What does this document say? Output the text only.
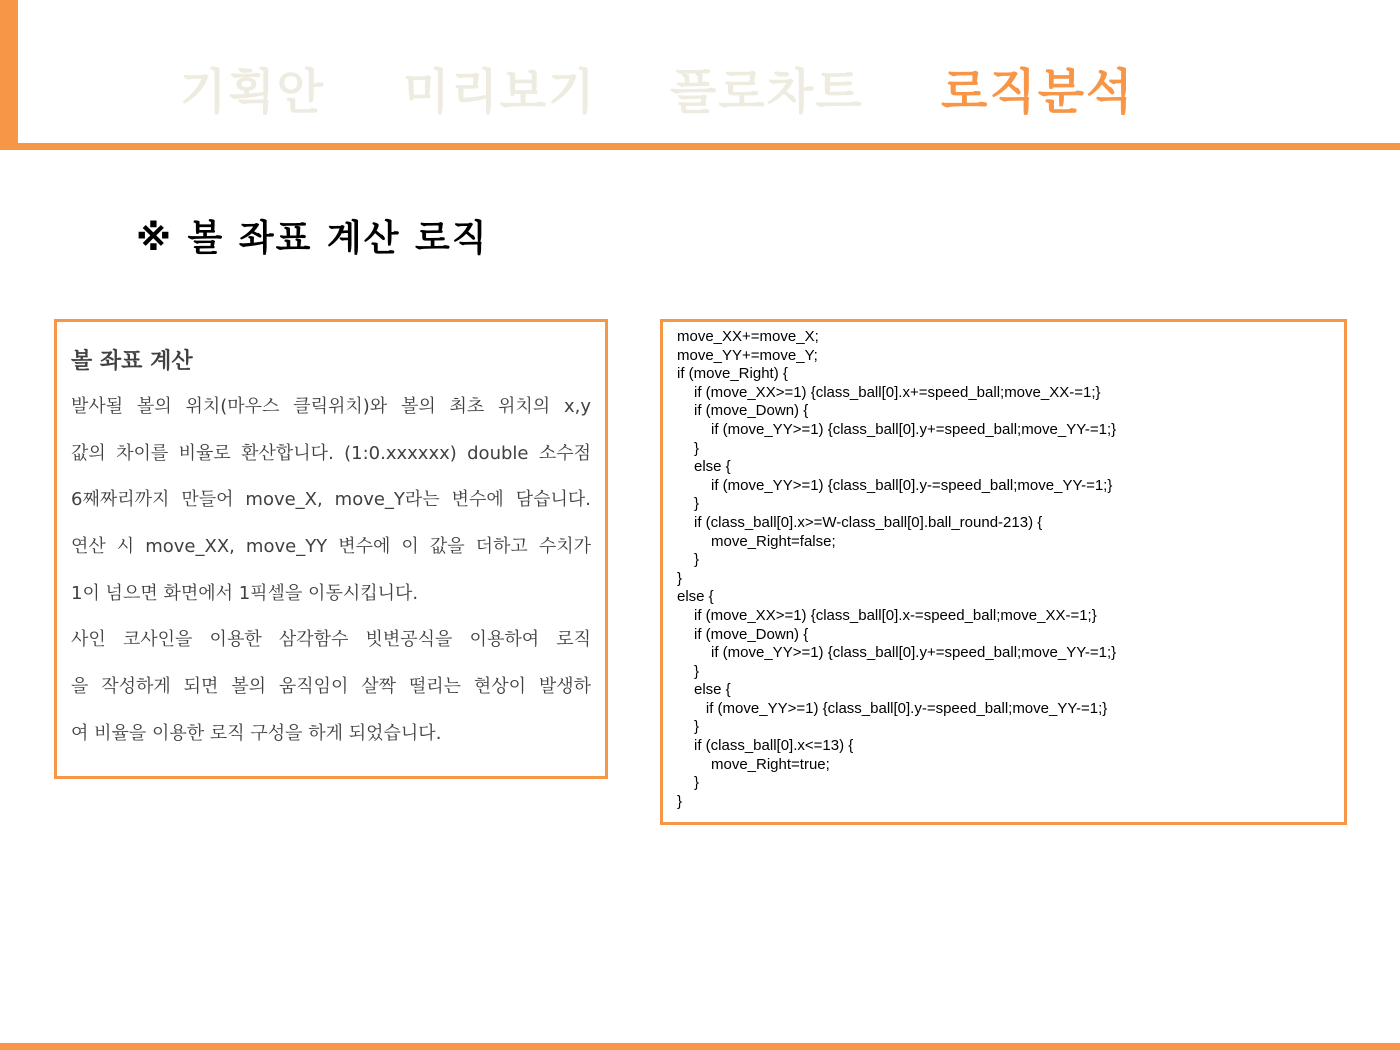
기획안 미리보기 플로차트 로직분석
※ 볼 좌표 계산 로직
볼 좌표 계산
발사될 볼의 위치(마우스 클릭위치)와 볼의 최초 위치의 x,y
값의 차이를 비율로 환산합니다. (1:0.xxxxxx) double 소수점
6째짜리까지 만들어 move_X, move_Y라는 변수에 담습니다.
연산 시 move_XX, move_YY 변수에 이 값을 더하고 수치가
1이 넘으면 화면에서 1픽셀을 이동시킵니다.
사인 코사인을 이용한 삼각함수 빗변공식을 이용하여 로직
을 작성하게 되면 볼의 움직임이 살짝 떨리는 현상이 발생하
여 비율을 이용한 로직 구성을 하게 되었습니다.
move_XX+=move_X;
move_YY+=move_Y;
if (move_Right) {
if (move_XX>=1) {class_ball[0].x+=speed_ball;move_XX-=1;}
if (move_Down) {
if (move_YY>=1) {class_ball[0].y+=speed_ball;move_YY-=1;}
}
else {
if (move_YY>=1) {class_ball[0].y-=speed_ball;move_YY-=1;}
}
if (class_ball[0].x>=W-class_ball[0].ball_round-213) {
move_Right=false;
}
}
else {
if (move_XX>=1) {class_ball[0].x-=speed_ball;move_XX-=1;}
if (move_Down) {
if (move_YY>=1) {class_ball[0].y+=speed_ball;move_YY-=1;}
}
else {
if (move_YY>=1) {class_ball[0].y-=speed_ball;move_YY-=1;}
}
if (class_ball[0].x<=13) {
move_Right=true;
}
}
